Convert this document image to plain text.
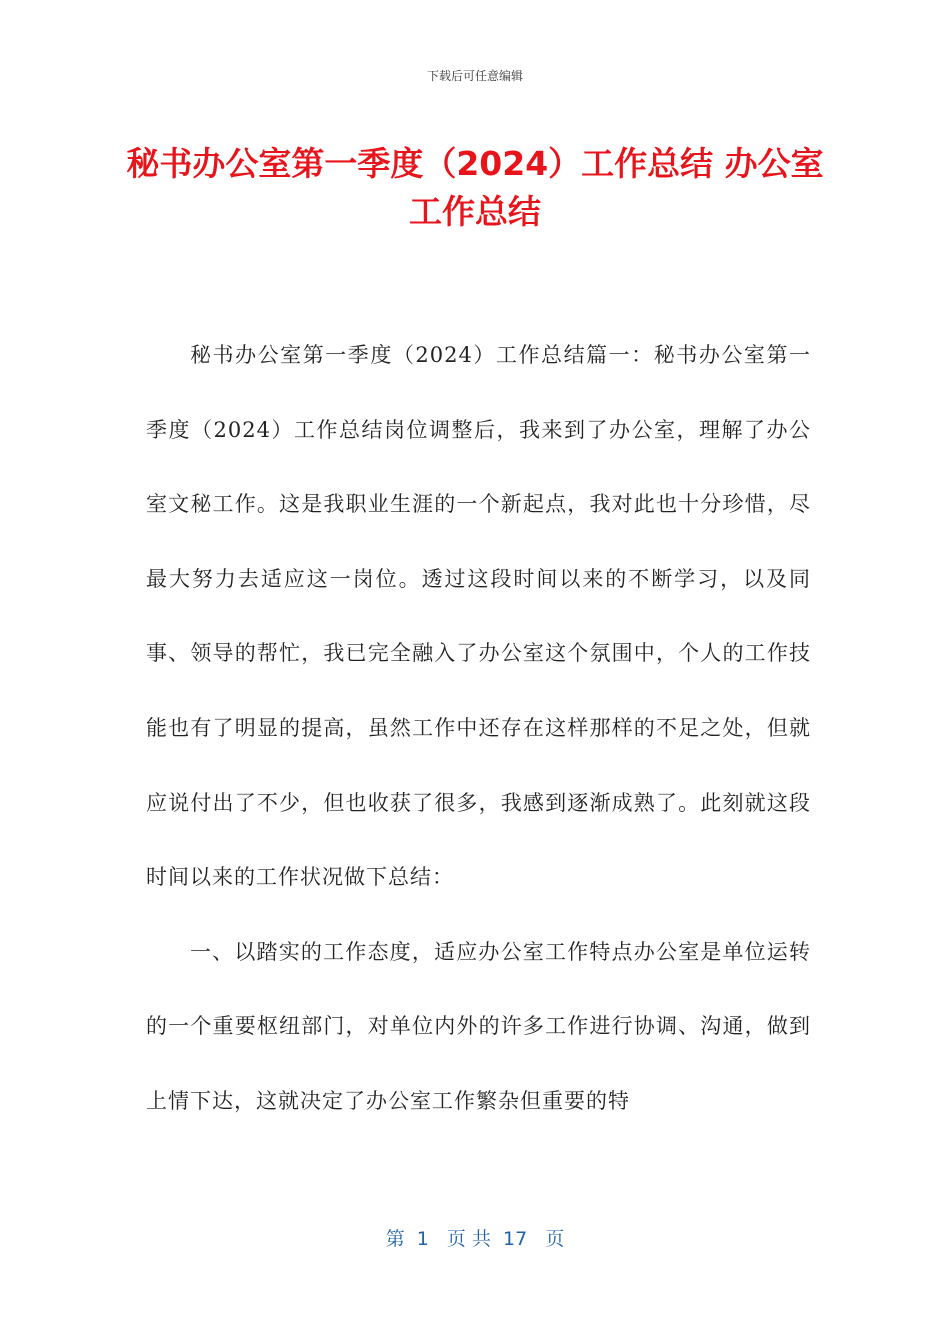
下载后可任意编辑
秘书办公室第一季度（2024）工作总结 办公室工作总结

秘书办公室第一季度（2024）工作总结篇一：秘书办公室第一季度（2024）工作总结岗位调整后，我来到了办公室，理解了办公室文秘工作。这是我职业生涯的一个新起点，我对此也十分珍惜，尽最大努力去适应这一岗位。透过这段时间以来的不断学习，以及同事、领导的帮忙，我已完全融入了办公室这个氛围中，个人的工作技能也有了明显的提高，虽然工作中还存在这样那样的不足之处，但就应说付出了不少，但也收获了很多，我感到逐渐成熟了。此刻就这段时间以来的工作状况做下总结：

一、以踏实的工作态度，适应办公室工作特点办公室是单位运转的一个重要枢纽部门，对单位内外的许多工作进行协调、沟通，做到上情下达，这就决定了办公室工作繁杂但重要的特

第  1   页 共  17   页
